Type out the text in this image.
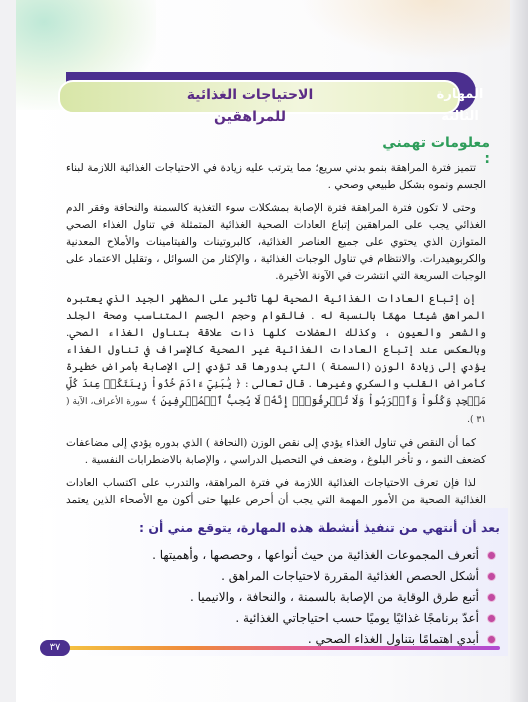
الاحتياجات الغذائية للمراهقين
المهارة الثالثة
معلومات تهمني :

تتميز فترة المراهقة بنمو بدني سريع؛ مما يترتب عليه زيادة في الاحتياجات الغذائية اللازمة لبناء الجسم ونموه بشكل طبيعي وصحي .

وحتى لا تكون فترة المراهقة فترة الإصابة بمشكلات سوء التغذية كالسمنة والنحافة وفقر الدم الغذائي يجب على المراهقين إتباع العادات الصحية الغذائية المتمثلة في تناول الغذاء الصحي المتوازن الذي يحتوي على جميع العناصر الغذائية، كالبروتينات والفيتامينات والأملاح المعدنية والكربوهيدرات. والانتظام في تناول الوجبات الغذائية ، والإكثار من السوائل ، وتقليل الاعتماد على الوجبات السريعة التي انتشرت في الآونة الأخيرة.

إن إتباع العادات الغذائية الصحية لها تأثير على المظهر الجيد الذي يعتبره المراهق شيئًا مهمًا بالنسبة له . فالقوام وحجم الجسم المتناسب وصحة الجلد والشعر والعيون ، وكذلك العضلات كلها ذات علاقة بتناول الغذاء الصحي. وبالعكس عند إتباع العادات الغذائية غير الصحية كالإسراف في تناول الغذاء يؤدي إلى زيادة الوزن (السمنة ) التي بدورها قد تؤدي إلى الإصابة بأمراض خطيرة كأمراض القلب والسكري وغيرها . قال تعالى : ﴿ يَٰبَنِيٓ ءَادَمَ خُذُواْ زِينَتَكُمۡ عِندَ كُلِّ مَسۡجِدٖ وَكُلُواْ وَٱشۡرَبُواْ وَلَا تُسۡرِفُوٓاْۚ إِنَّهُۥ لَا يُحِبُّ ٱلۡمُسۡرِفِينَ ﴾ سورة الأعراف، الآية ( ٣١ ).

كما أن النقص في تناول الغذاء يؤدي إلى نقص الوزن (النحافة ) الذي بدوره يؤدي إلى مضاعفات كضعف النمو ، و تأخر البلوغ ، وضعف في التحصيل الدراسي ، والإصابة بالاضطرابات النفسية .

لذا فإن تعرف الاحتياجات الغذائية اللازمة في فترة المراهقة، والتدرب على اكتساب العادات الغذائية الصحية من الأمور المهمة التي يجب أن أحرص عليها حتى أكون مع الأصحاء الذين يعتمد

بعد أن أنتهي من تنفيذ أنشطة هذه المهارة، يتوقع مني أن :
أتعرف المجموعات الغذائية من حيث أنواعها ، وحصصها ، وأهميتها .
أشكل الحصص الغذائية المقررة لاحتياجات المراهق .
أتبع طرق الوقاية من الإصابة بالسمنة ، والنحافة ، والانيميا .
أعدّ برنامجًا غذائيًا يوميًا حسب احتياجاتي الغذائية .
أبدي اهتمامًا بتناول الغذاء الصحي .
٣٧
